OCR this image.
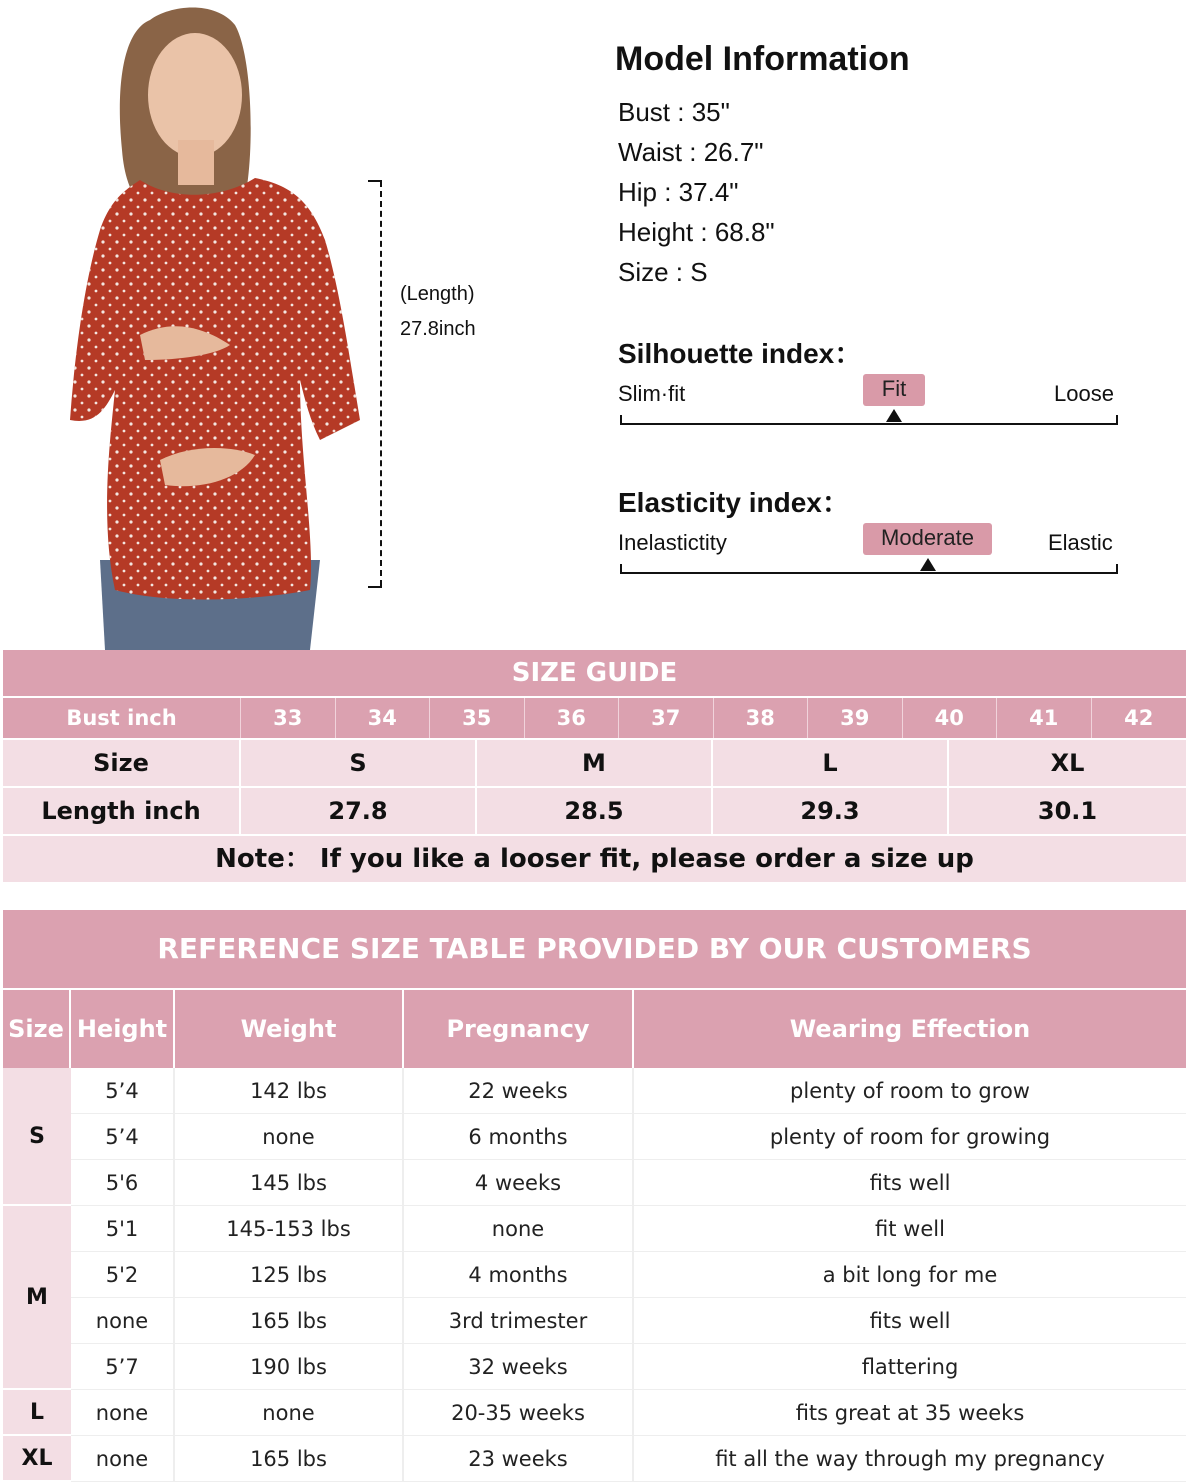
(Length)
27.8inch
Model Information
Bust : 35"
Waist : 26.7"
Hip : 37.4"
Height : 68.8"
Size : S
Silhouette index：
Slim·fit	Fit	Loose
Elasticity index：
Inelastictity	Moderate	Elastic
SIZE GUIDE
Bust inch	33	34	35	36	37	38	39	40	41	42
Size	S	M	L	XL
Length inch	27.8	28.5	29.3	30.1
Note： If you like a looser fit, please order a size up
REFERENCE SIZE TABLE PROVIDED BY OUR CUSTOMERS
Size Height	Weight	Pregnancy	Wearing Effection
S
5’4	142 lbs	22 weeks	plenty of room to grow
5’4	none	6 months	plenty of room for growing
5'6	145 lbs	4 weeks	fits well
M
5'1	145-153 lbs	none	fit well
5'2	125 lbs	4 months	a bit long for me
none	165 lbs	3rd trimester	fits well
5’7	190 lbs	32 weeks	flattering
L	none	none	20-35 weeks	fits great at 35 weeks
XL	none	165 lbs	23 weeks	fit all the way through my pregnancy
